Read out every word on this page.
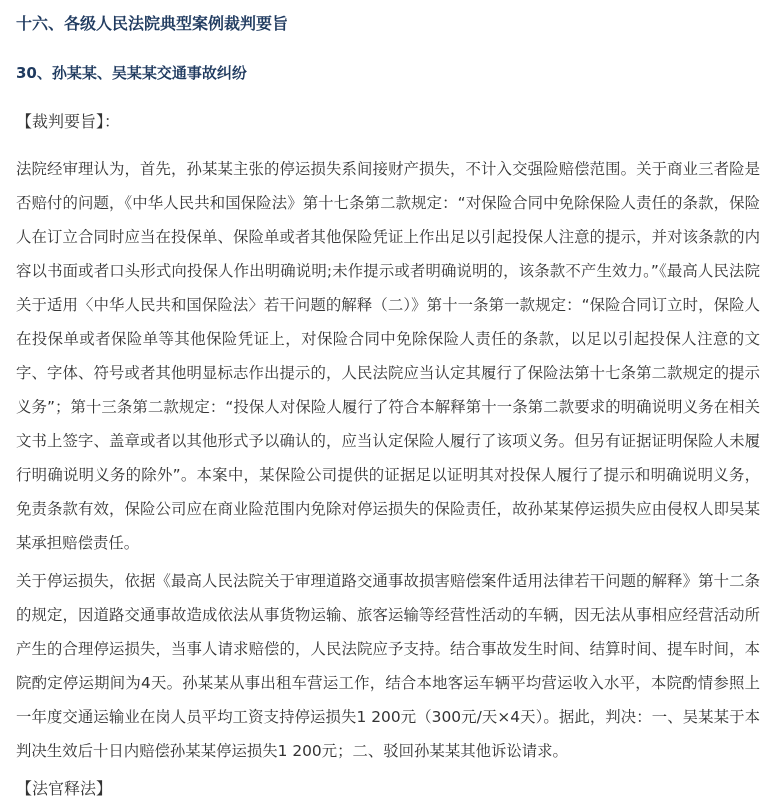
十六、各级人民法院典型案例裁判要旨
30、孙某某、吴某某交通事故纠纷

【裁判要旨】：

法院经审理认为，首先，孙某某主张的停运损失系间接财产损失，不计入交强险赔偿范围。关于商业三者险是否赔付的问题，《中华人民共和国保险法》第十七条第二款规定：“对保险合同中免除保险人责任的条款，保险人在订立合同时应当在投保单、保险单或者其他保险凭证上作出足以引起投保人注意的提示，并对该条款的内容以书面或者口头形式向投保人作出明确说明;未作提示或者明确说明的，该条款不产生效力。”《最高人民法院关于适用〈中华人民共和国保险法〉若干问题的解释（二）》第十一条第一款规定：“保险合同订立时，保险人在投保单或者保险单等其他保险凭证上，对保险合同中免除保险人责任的条款，以足以引起投保人注意的文字、字体、符号或者其他明显标志作出提示的，人民法院应当认定其履行了保险法第十七条第二款规定的提示义务”；第十三条第二款规定：“投保人对保险人履行了符合本解释第十一条第二款要求的明确说明义务在相关文书上签字、盖章或者以其他形式予以确认的，应当认定保险人履行了该项义务。但另有证据证明保险人未履行明确说明义务的除外”。本案中，某保险公司提供的证据足以证明其对投保人履行了提示和明确说明义务，免责条款有效，保险公司应在商业险范围内免除对停运损失的保险责任，故孙某某停运损失应由侵权人即吴某某承担赔偿责任。

关于停运损失，依据《最高人民法院关于审理道路交通事故损害赔偿案件适用法律若干问题的解释》第十二条的规定，因道路交通事故造成依法从事货物运输、旅客运输等经营性活动的车辆，因无法从事相应经营活动所产生的合理停运损失，当事人请求赔偿的，人民法院应予支持。结合事故发生时间、结算时间、提车时间，本院酌定停运期间为4天。孙某某从事出租车营运工作，结合本地客运车辆平均营运收入水平，本院酌情参照上一年度交通运输业在岗人员平均工资支持停运损失1 200元（300元/天×4天）。据此，判决：一、吴某某于本判决生效后十日内赔偿孙某某停运损失1 200元；二、驳回孙某某其他诉讼请求。

【法官释法】
